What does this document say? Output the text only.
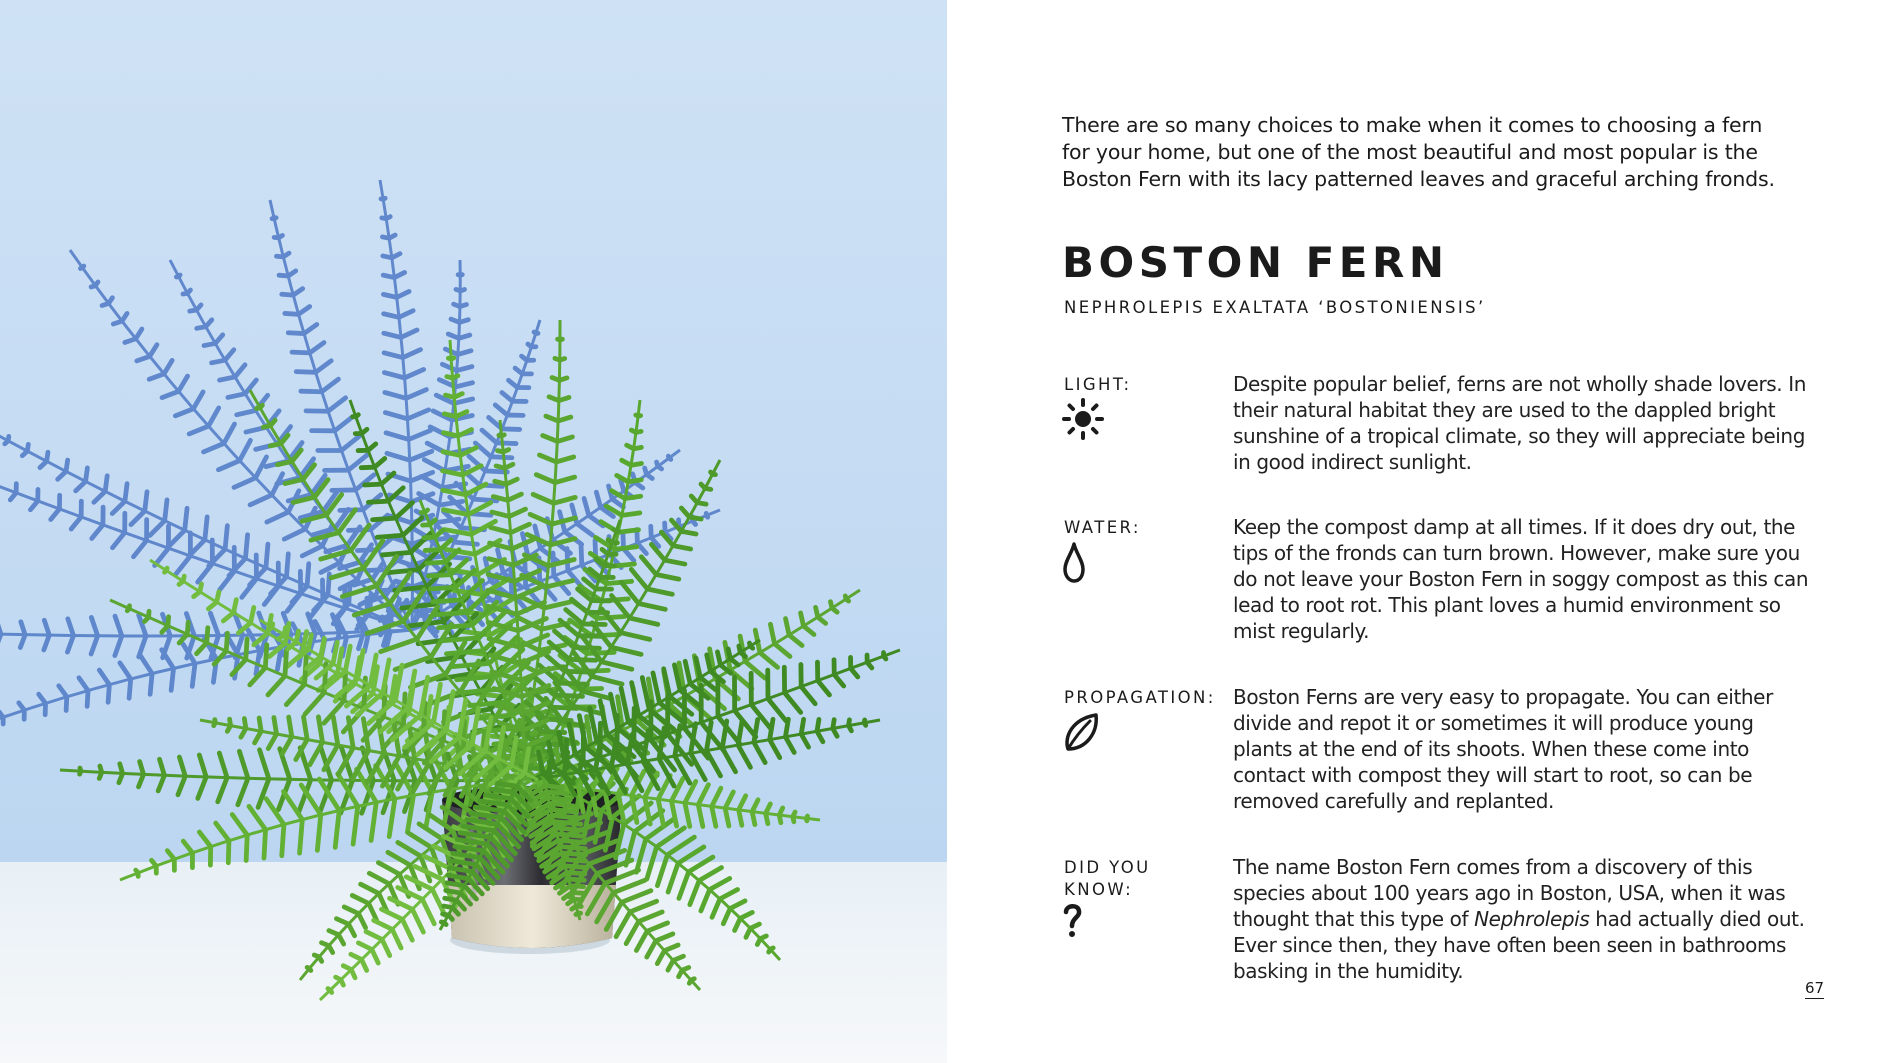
There are so many choices to make when it comes to choosing a fern for your home, but one of the most beautiful and most popular is the Boston Fern with its lacy patterned leaves and graceful arching fronds.

BOSTON FERN

NEPHROLEPIS EXALTATA ‘BOSTONIENSIS’

LIGHT:	Despite popular belief, ferns are not wholly shade lovers. In their natural habitat they are used to the dappled bright sunshine of a tropical climate, so they will appreciate being in good indirect sunlight.

WATER:	Keep the compost damp at all times. If it does dry out, the tips of the fronds can turn brown. However, make sure you do not leave your Boston Fern in soggy compost as this can lead to root rot. This plant loves a humid environment so mist regularly.

PROPAGATION: Boston Ferns are very easy to propagate. You can either divide and repot it or sometimes it will produce young plants at the end of its shoots. When these come into contact with compost they will start to root, so can be removed carefully and replanted.

DID YOU KNOW:

The name Boston Fern comes from a discovery of this species about 100 years ago in Boston, USA, when it was thought that this type of Nephrolepis had actually died out. Ever since then, they have often been seen in bathrooms basking in the humidity.

67
